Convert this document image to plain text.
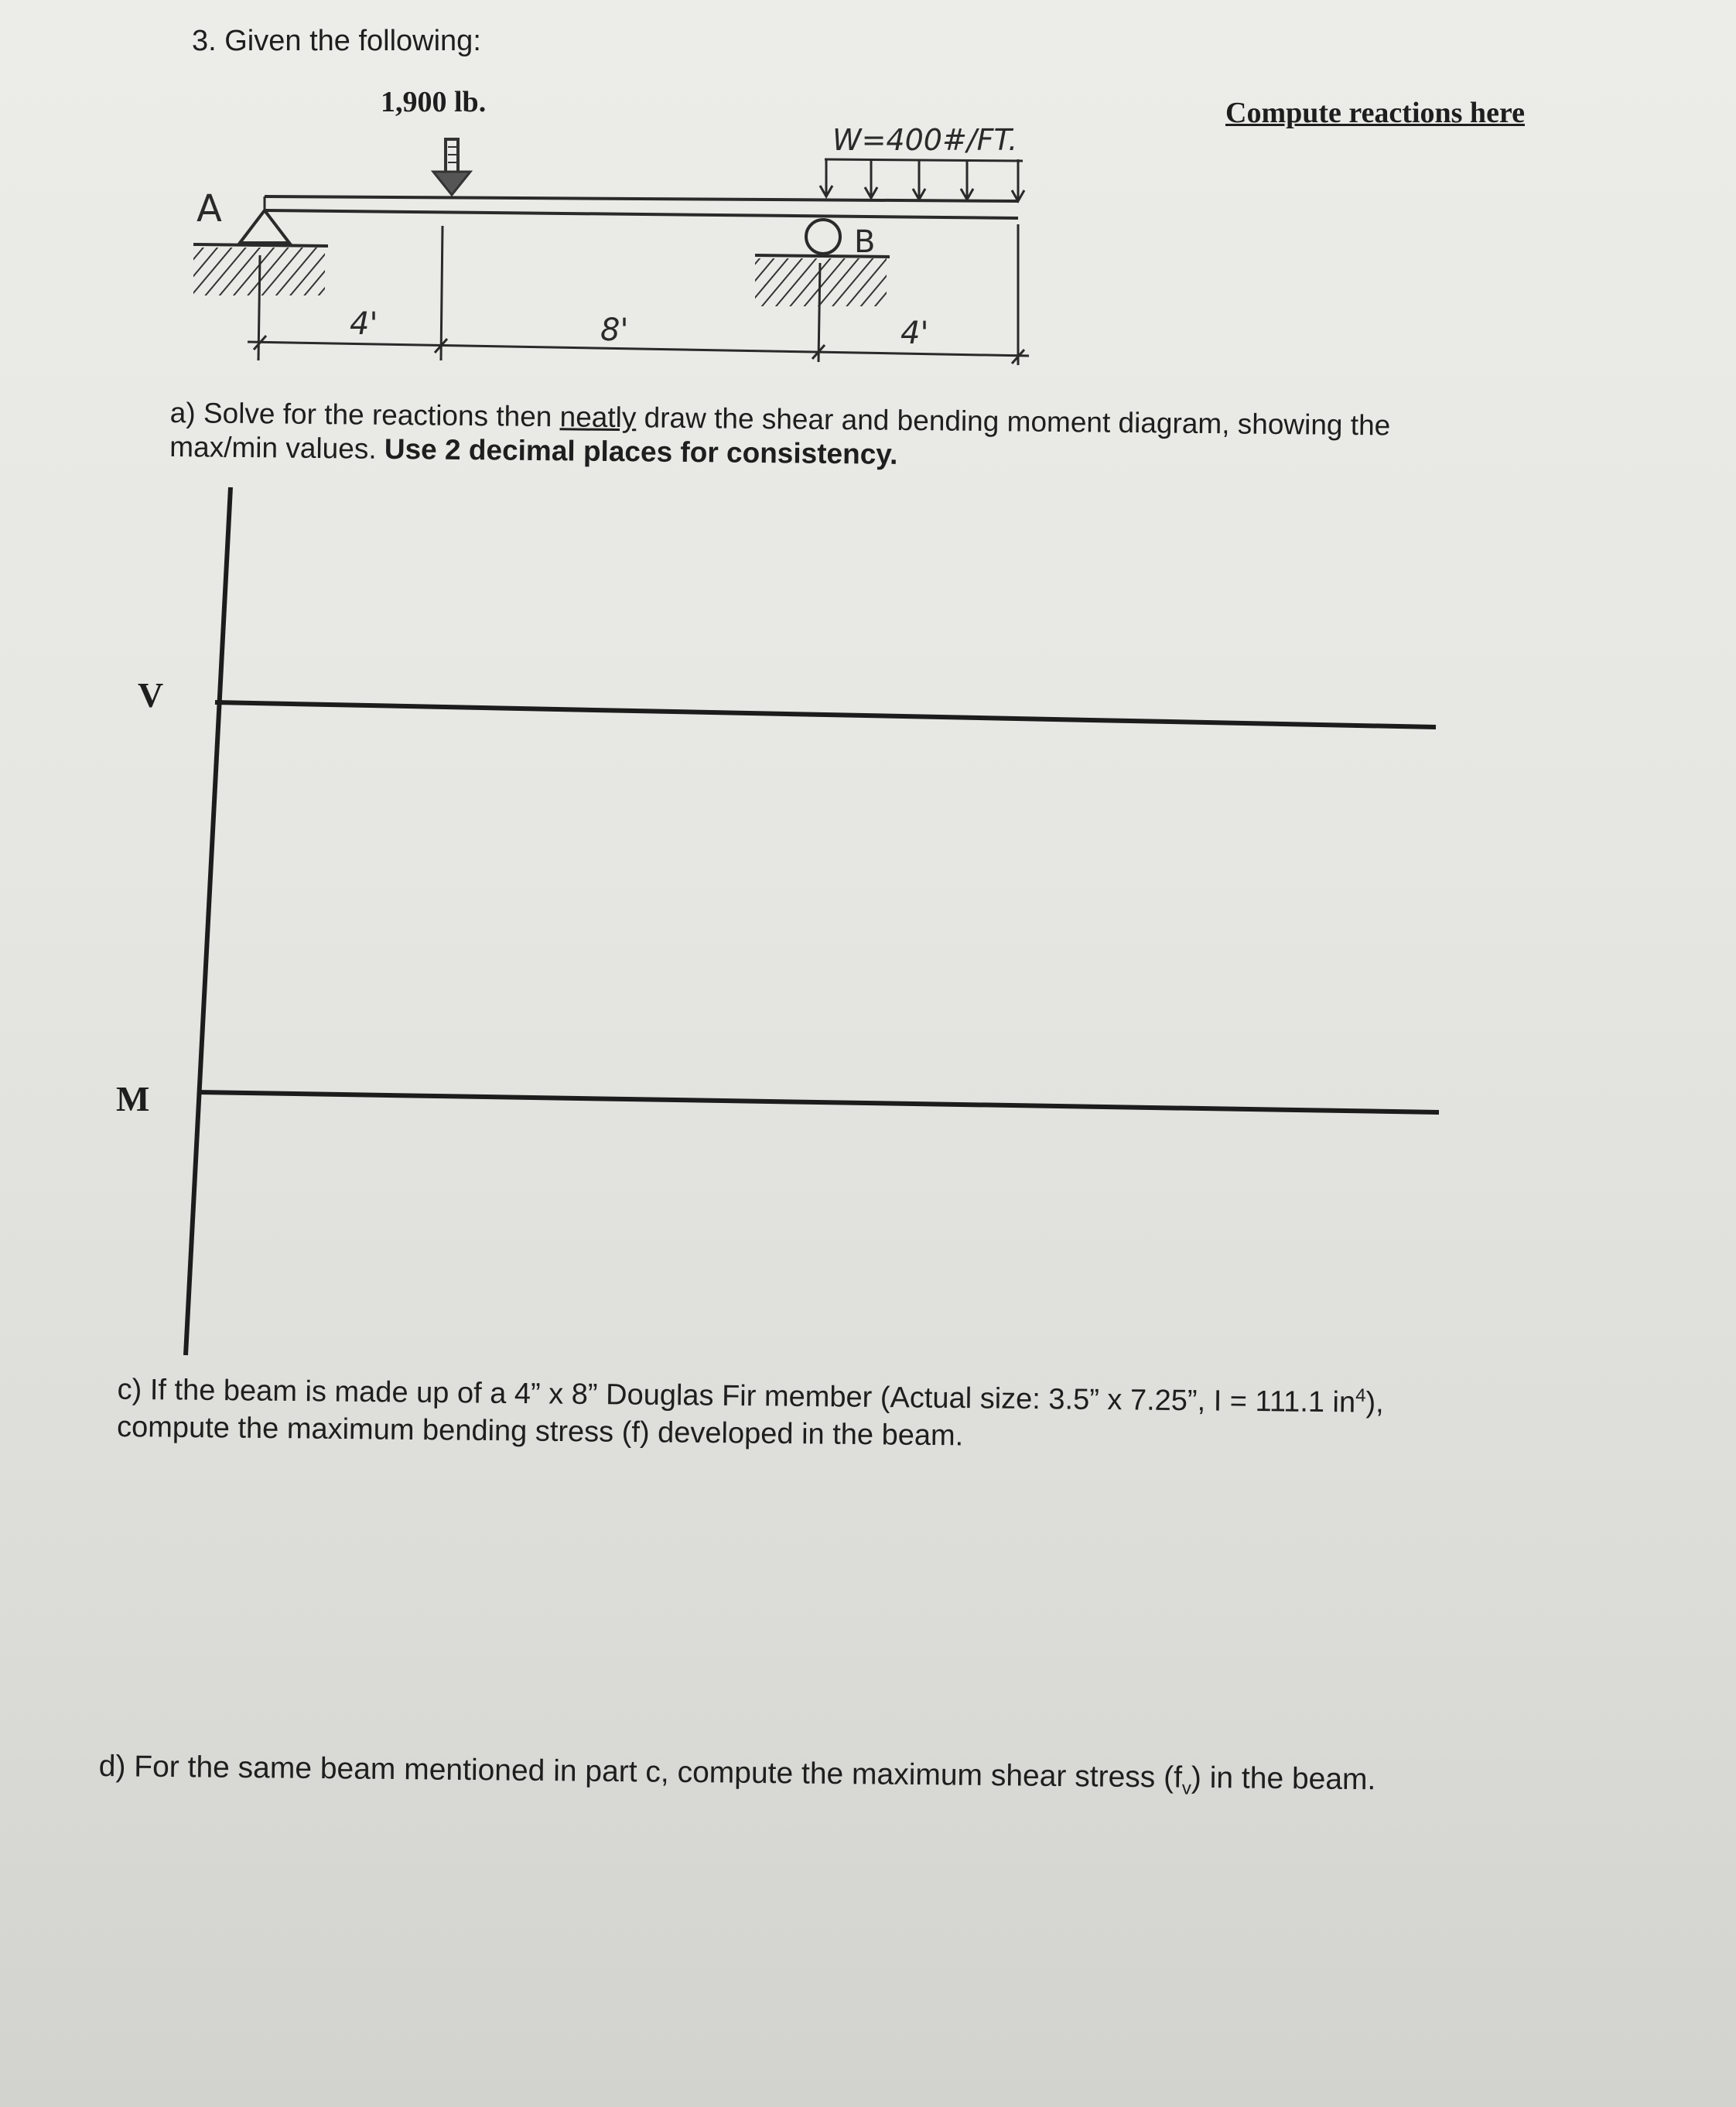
3. Given the following:
1,900 lb.	Compute reactions here
A
B
W=400#/FT.
4'	8'	4'
a) Solve for the reactions then neatly draw the shear and bending moment diagram, showing the
max/min values. Use 2 decimal places for consistency.
V
M
c) If the beam is made up of a 4” x 8” Douglas Fir member (Actual size: 3.5” x 7.25”, I = 111.1 $in^4$),
compute the maximum bending stress (f) developed in the beam.
d) For the same beam mentioned in part c, compute the maximum shear stress $(f_v)$ in the beam.
